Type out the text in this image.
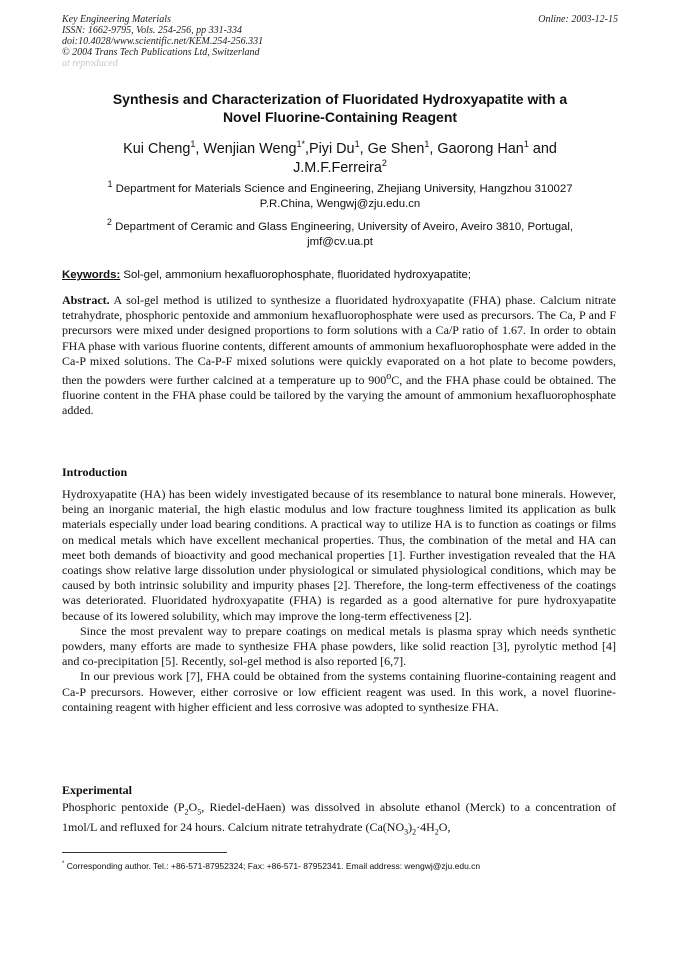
Key Engineering Materials	Online: 2003-12-15
ISSN: 1662-9795, Vols. 254-256, pp 331-334
doi:10.4028/www.scientific.net/KEM.254-256.331
© 2004 Trans Tech Publications Ltd, Switzerland
at reproduced
Synthesis and Characterization of Fluoridated Hydroxyapatite with a
Novel Fluorine-Containing Reagent
Kui Cheng$^1$, Wenjian Weng$^{1*}$,Piyi Du$^1$, Ge Shen$^1$, Gaorong Han$^1$ and
J.M.F.Ferreira$^2$
$^1$ Department for Materials Science and Engineering, Zhejiang University, Hangzhou 310027
P.R.China, Wengwj@zju.edu.cn
$^2$ Department of Ceramic and Glass Engineering, University of Aveiro, Aveiro 3810, Portugal,
jmf@cv.ua.pt
Keywords: Sol-gel, ammonium hexafluorophosphate, fluoridated hydroxyapatite;
Abstract. A sol-gel method is utilized to synthesize a fluoridated hydroxyapatite (FHA) phase. Calcium nitrate tetrahydrate, phosphoric pentoxide and ammonium hexafluorophosphate were used as precursors. The Ca, P and F precursors were mixed under designed proportions to form solutions with a Ca/P ratio of 1.67. In order to obtain FHA phase with various fluorine contents, different amounts of ammonium hexafluorophosphate were added in the Ca-P mixed solutions. The Ca-P-F mixed solutions were quickly evaporated on a hot plate to become powders, then the powders were further calcined at a temperature up to 900$^o$C, and the FHA phase could be obtained. The fluorine content in the FHA phase could be tailored by the varying the amount of ammonium hexafluorophosphate added.
Introduction

Hydroxyapatite (HA) has been widely investigated because of its resemblance to natural bone minerals. However, being an inorganic material, the high elastic modulus and low fracture toughness limited its application as bulk materials especially under load bearing conditions. A practical way to utilize HA is to function as coatings or films on medical metals which have excellent mechanical properties. Thus, the combination of the metal and HA can meet both demands of bioactivity and good mechanical properties [1]. Further investigation revealed that the HA coatings show relative large dissolution under physiological or simulated physiological conditions, which may be caused by both intrinsic solubility and impurity phases [2]. Therefore, the long-term effectiveness of the coatings was deteriorated. Fluoridated hydroxyapatite (FHA) is regarded as a good alternative for pure hydroxyapatite because of its lowered solubility, which may improve the long-term effectiveness [2].

Since the most prevalent way to prepare coatings on medical metals is plasma spray which needs synthetic powders, many efforts are made to synthesize FHA phase powders, like solid reaction [3], pyrolytic method [4] and co-precipitation [5]. Recently, sol-gel method is also reported [6,7].

In our previous work [7], FHA could be obtained from the systems containing fluorine-containing reagent and Ca-P precursors. However, either corrosive or low efficient reagent was used. In this work, a novel fluorine-containing reagent with higher efficient and less corrosive was adopted to synthesize FHA.

Experimental

Phosphoric pentoxide ($P_2O_5$, Riedel-deHaen) was dissolved in absolute ethanol (Merck) to a concentration of 1mol/L and refluxed for 24 hours. Calcium nitrate tetrahydrate ($Ca(NO_3)_2\cdot 4H_2O$,

* Corresponding author. Tel.: +86-571-87952324; Fax: +86-571- 87952341. Email address: wengwj@zju.edu.cn
